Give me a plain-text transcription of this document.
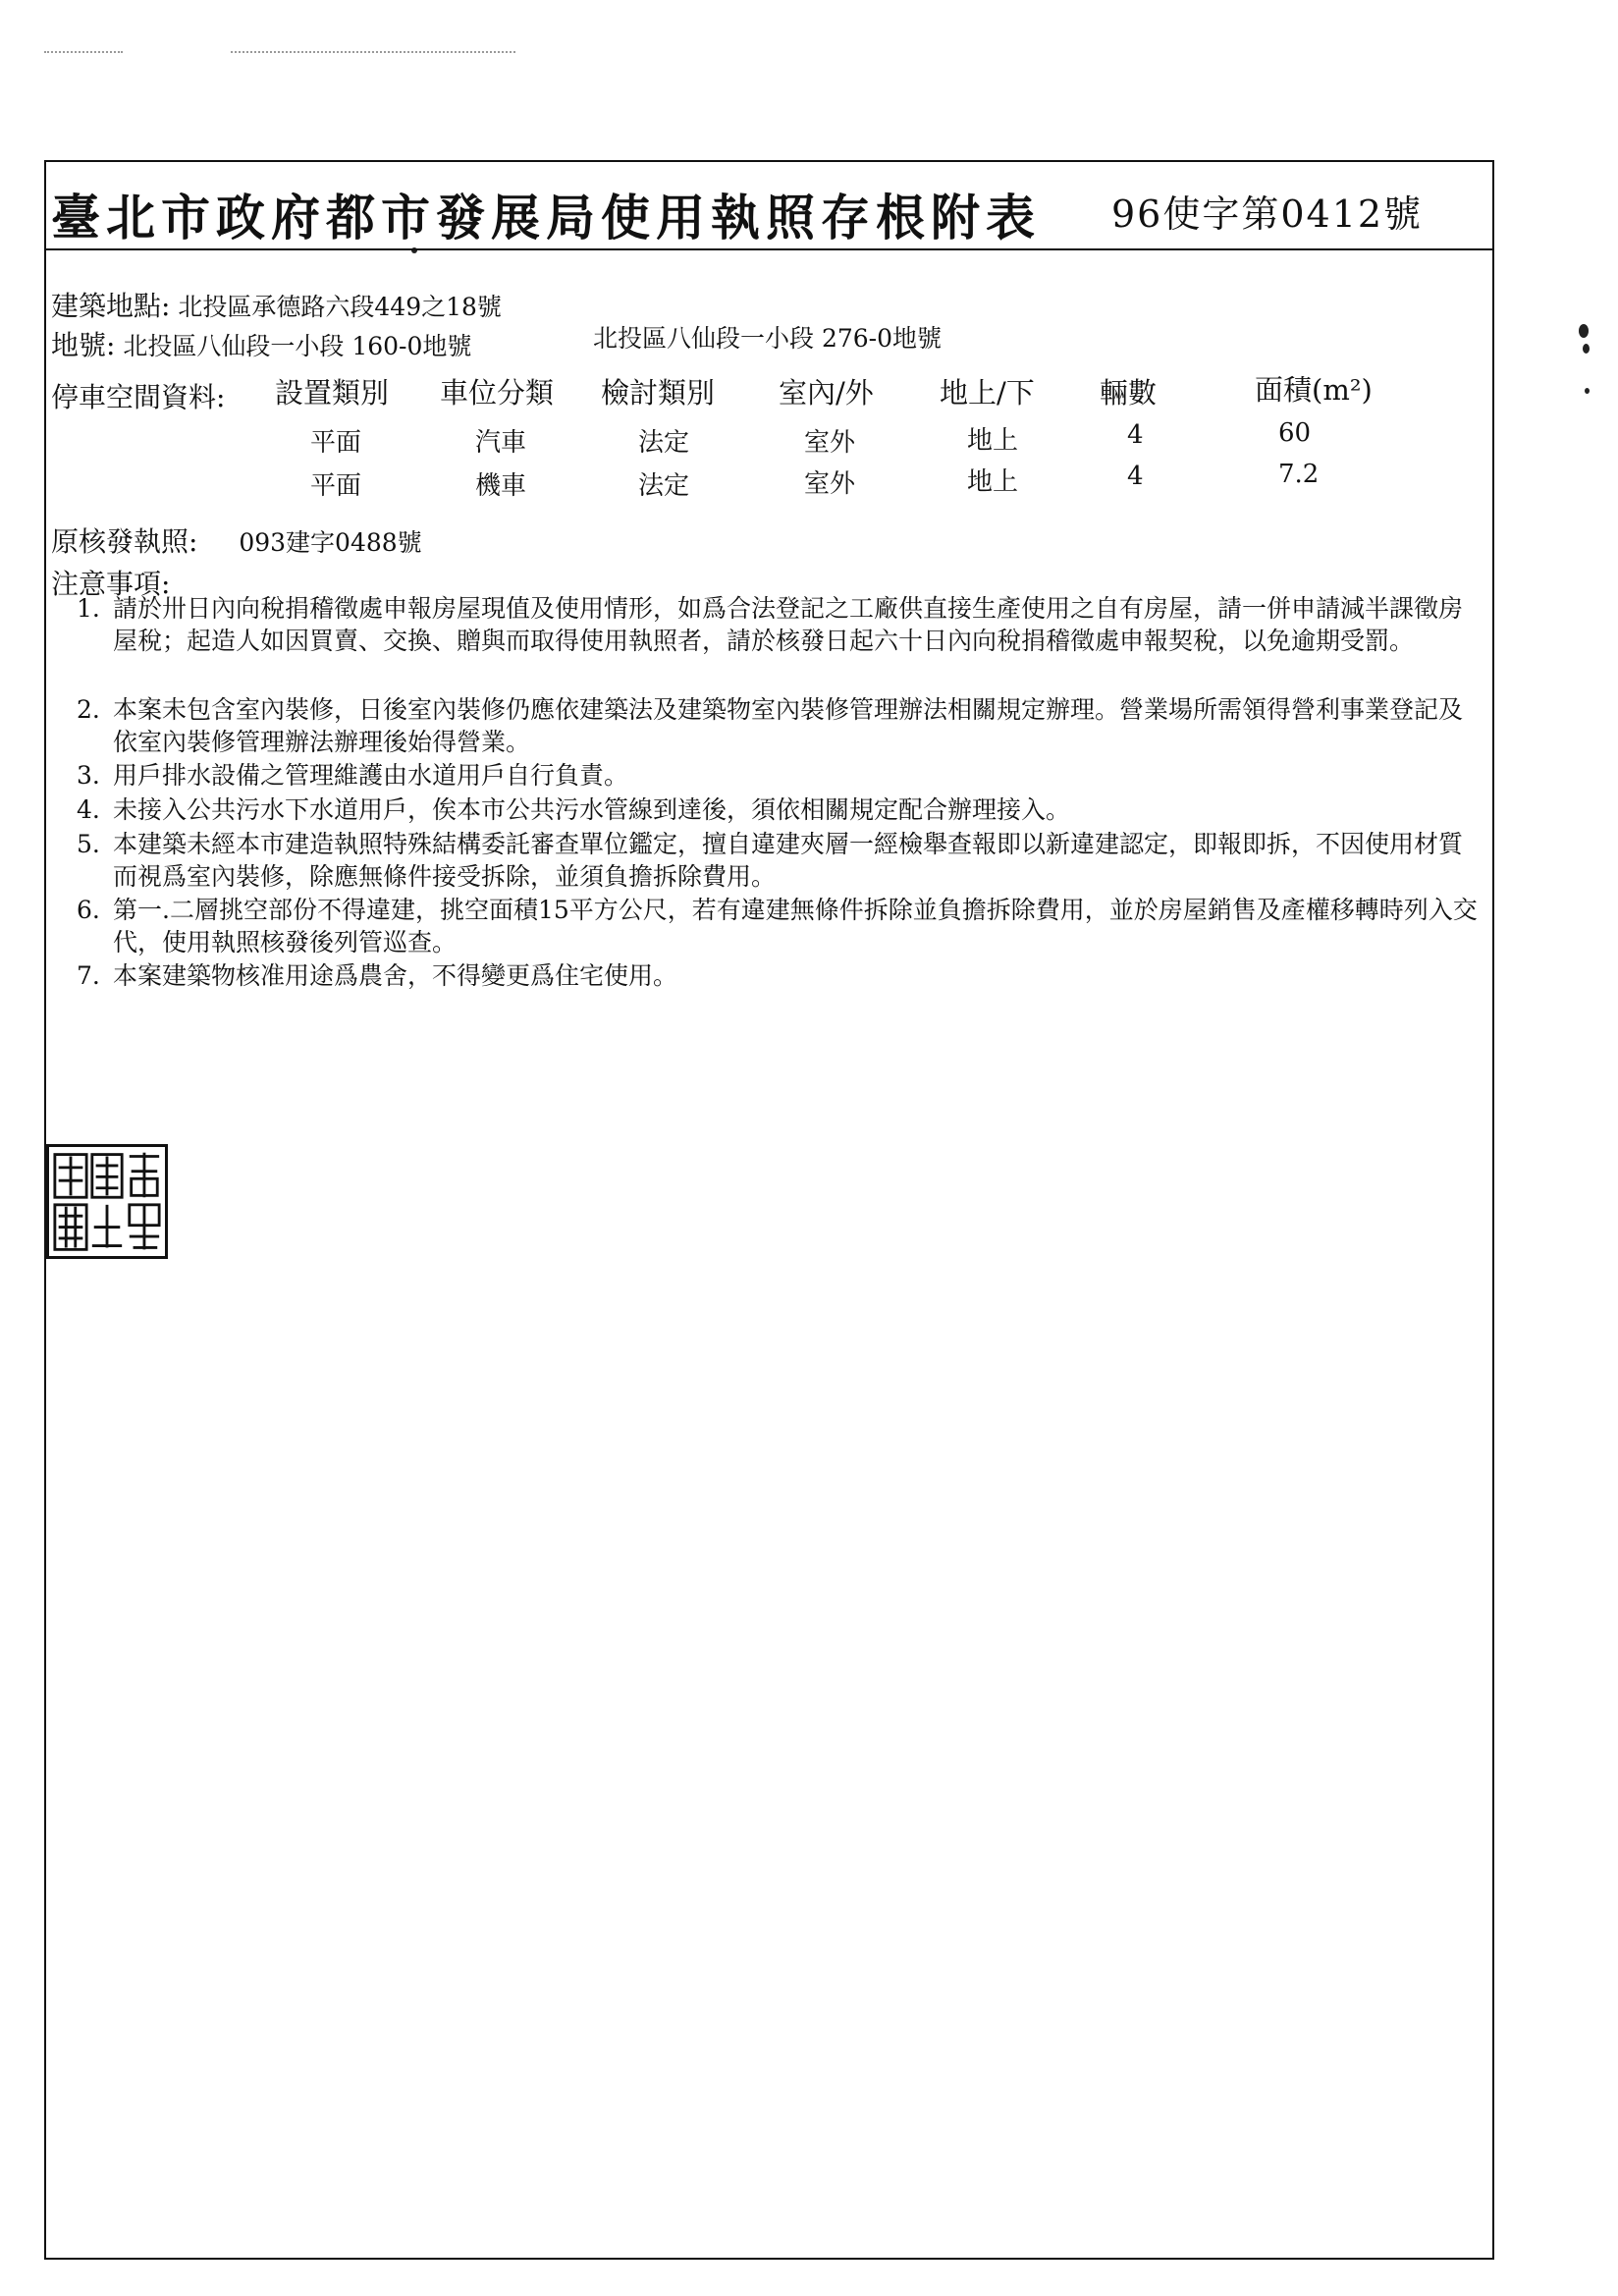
臺北市政府都市發展局使用執照存根附表 96使字第0412號
建築地點: 北投區承德路六段449之18號
地號: 北投區八仙段一小段 160-0地號	北投區八仙段一小段 276-0地號
停車空間資料: 設置類別 車位分類 檢討類別 室內/外 地上/下 輛數	面積(m²)
平面	汽車	法定	室外	地上	4	60
平面	機車	法定	室外	地上	4	7.2
原核發執照: 093建字0488號
注意事項:
1. 請於卅日內向稅捐稽徵處申報房屋現值及使用情形，如爲合法登記之工廠供直接生產使用之自有房屋，請一併申請減半課徵房屋稅；起造人如因買賣、交換、贈與而取得使用執照者，請於核發日起六十日內向稅捐稽徵處申報契稅，以免逾期受罰。
2. 本案未包含室內裝修，日後室內裝修仍應依建築法及建築物室內裝修管理辦法相關規定辦理。營業場所需領得營利事業登記及依室內裝修管理辦法辦理後始得營業。
3. 用戶排水設備之管理維護由水道用戶自行負責。
4. 未接入公共污水下水道用戶，俟本市公共污水管線到達後，須依相關規定配合辦理接入。
5. 本建築未經本市建造執照特殊結構委託審查單位鑑定，擅自違建夾層一經檢舉查報即以新違建認定，即報即拆，不因使用材質而視爲室內裝修，除應無條件接受拆除，並須負擔拆除費用。
6. 第一.二層挑空部份不得違建，挑空面積15平方公尺，若有違建無條件拆除並負擔拆除費用，並於房屋銷售及產權移轉時列入交代，使用執照核發後列管巡查。
7. 本案建築物核准用途爲農舍，不得變更爲住宅使用。
